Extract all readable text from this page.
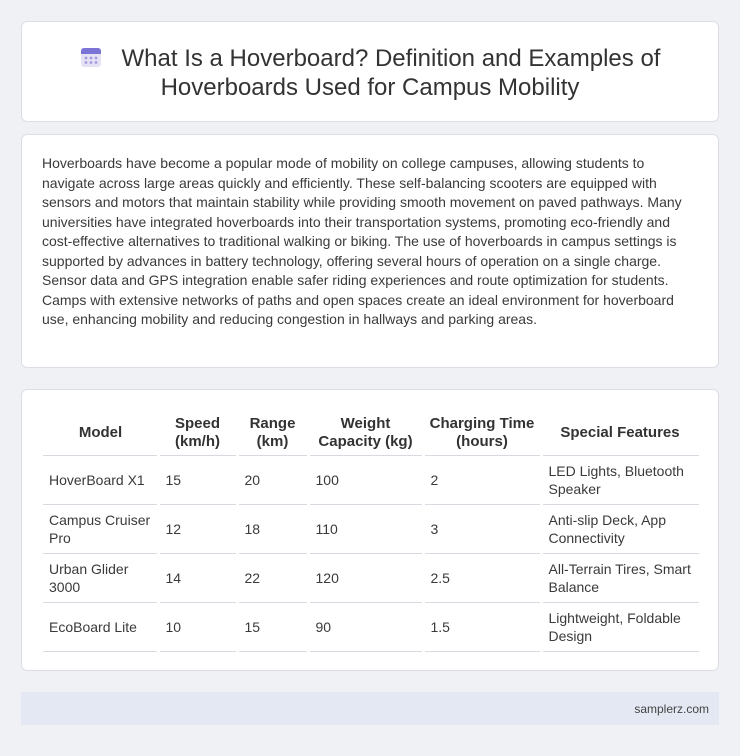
What Is a Hoverboard? Definition and Examples of Hoverboards Used for Campus Mobility

Hoverboards have become a popular mode of mobility on college campuses, allowing students to navigate across large areas quickly and efficiently. These self-balancing scooters are equipped with sensors and motors that maintain stability while providing smooth movement on paved pathways. Many universities have integrated hoverboards into their transportation systems, promoting eco-friendly and cost-effective alternatives to traditional walking or biking. The use of hoverboards in campus settings is supported by advances in battery technology, offering several hours of operation on a single charge. Sensor data and GPS integration enable safer riding experiences and route optimization for students. Camps with extensive networks of paths and open spaces create an ideal environment for hoverboard use, enhancing mobility and reducing congestion in hallways and parking areas.

Model	Speed (km/h)	Range (km)	Weight Capacity (kg)	Charging Time (hours)	Special Features
HoverBoard X1	15	20	100	2	LED Lights, Bluetooth Speaker
Campus Cruiser Pro	12	18	110	3	Anti-slip Deck, App Connectivity
Urban Glider 3000	14	22	120	2.5	All-Terrain Tires, Smart Balance
EcoBoard Lite	10	15	90	1.5	Lightweight, Foldable Design
samplerz.com
